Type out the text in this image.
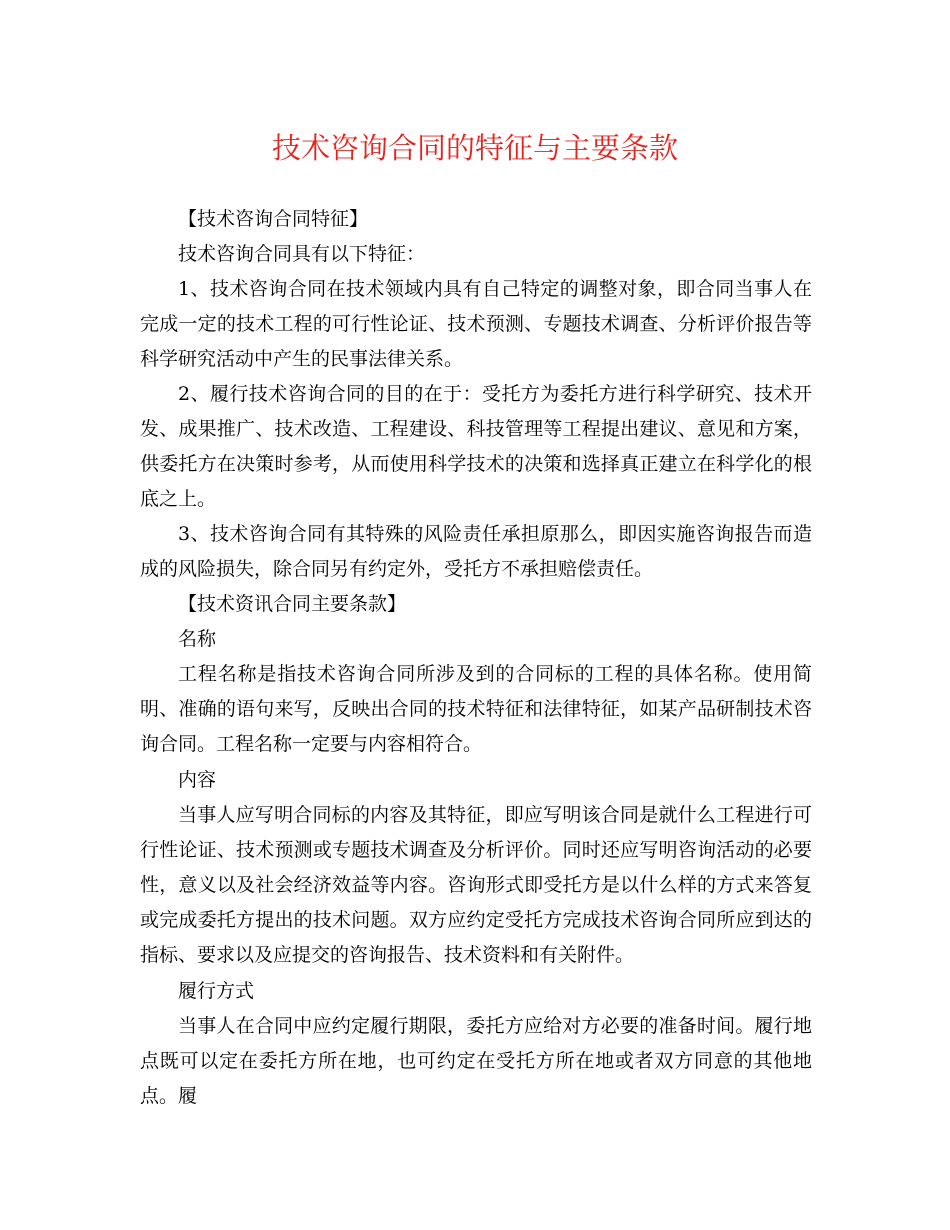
技术咨询合同的特征与主要条款

【技术咨询合同特征】

技术咨询合同具有以下特征：

1、技术咨询合同在技术领域内具有自己特定的调整对象，即合同当事人在完成一定的技术工程的可行性论证、技术预测、专题技术调查、分析评价报告等科学研究活动中产生的民事法律关系。

2、履行技术咨询合同的目的在于：受托方为委托方进行科学研究、技术开发、成果推广、技术改造、工程建设、科技管理等工程提出建议、意见和方案，供委托方在决策时参考，从而使用科学技术的决策和选择真正建立在科学化的根底之上。

3、技术咨询合同有其特殊的风险责任承担原那么，即因实施咨询报告而造成的风险损失，除合同另有约定外，受托方不承担赔偿责任。

【技术资讯合同主要条款】

名称

工程名称是指技术咨询合同所涉及到的合同标的工程的具体名称。使用简明、准确的语句来写，反映出合同的技术特征和法律特征，如某产品研制技术咨询合同。工程名称一定要与内容相符合。

内容

当事人应写明合同标的内容及其特征，即应写明该合同是就什么工程进行可行性论证、技术预测或专题技术调查及分析评价。同时还应写明咨询活动的必要性，意义以及社会经济效益等内容。咨询形式即受托方是以什么样的方式来答复或完成委托方提出的技术问题。双方应约定受托方完成技术咨询合同所应到达的指标、要求以及应提交的咨询报告、技术资料和有关附件。

履行方式

当事人在合同中应约定履行期限，委托方应给对方必要的准备时间。履行地点既可以定在委托方所在地，也可约定在受托方所在地或者双方同意的其他地点。履
